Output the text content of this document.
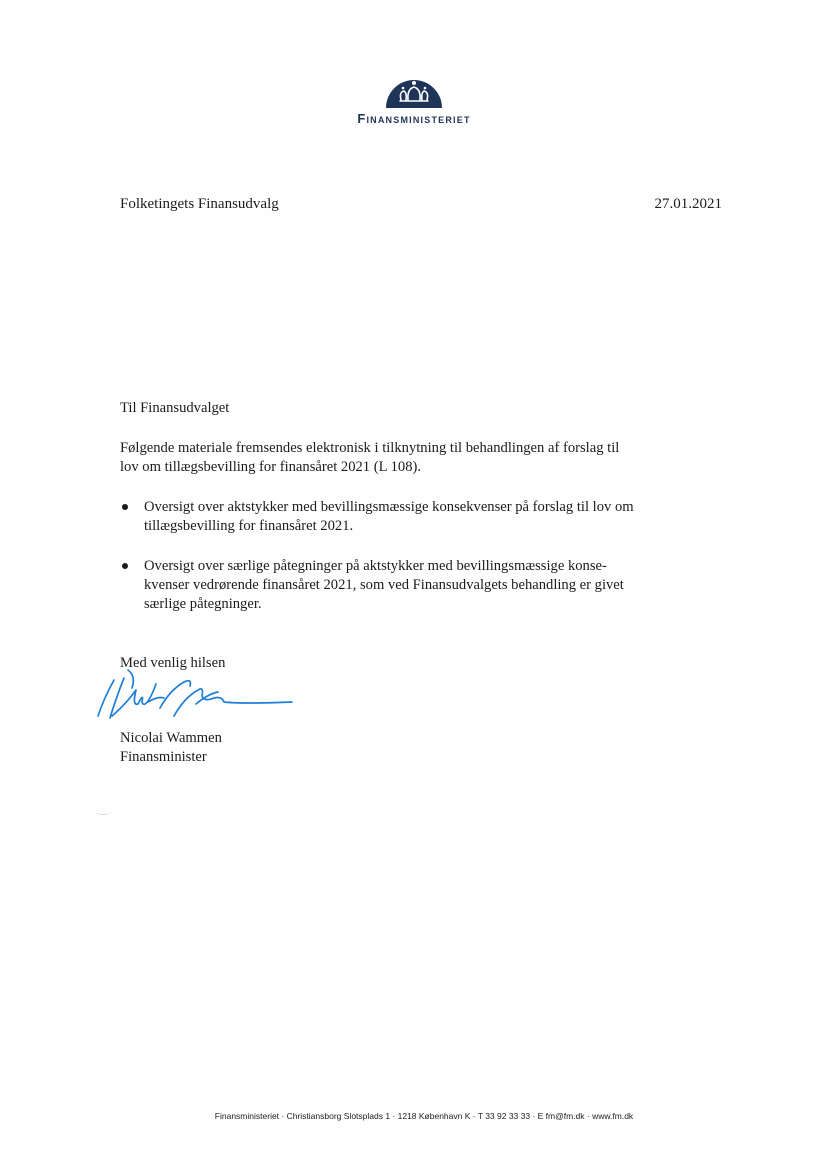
Finansministeriet
Folketingets Finansudvalg	27.01.2021

Til Finansudvalget

Følgende materiale fremsendes elektronisk i tilknytning til behandlingen af forslag til lov om tillægsbevilling for finansåret 2021 (L 108).

Oversigt over aktstykker med bevillingsmæssige konsekvenser på forslag til lov om tillægsbevilling for finansåret 2021.
Oversigt over særlige påtegninger på aktstykker med bevillingsmæssige konse-kvenser vedrørende finansåret 2021, som ved Finansudvalgets behandling er givet særlige påtegninger.
Med venlig hilsen
Nicolai Wammen
Finansminister
Finansministeriet · Christiansborg Slotsplads 1 · 1218 København K · T 33 92 33 33 · E fm@fm.dk · www.fm.dk
